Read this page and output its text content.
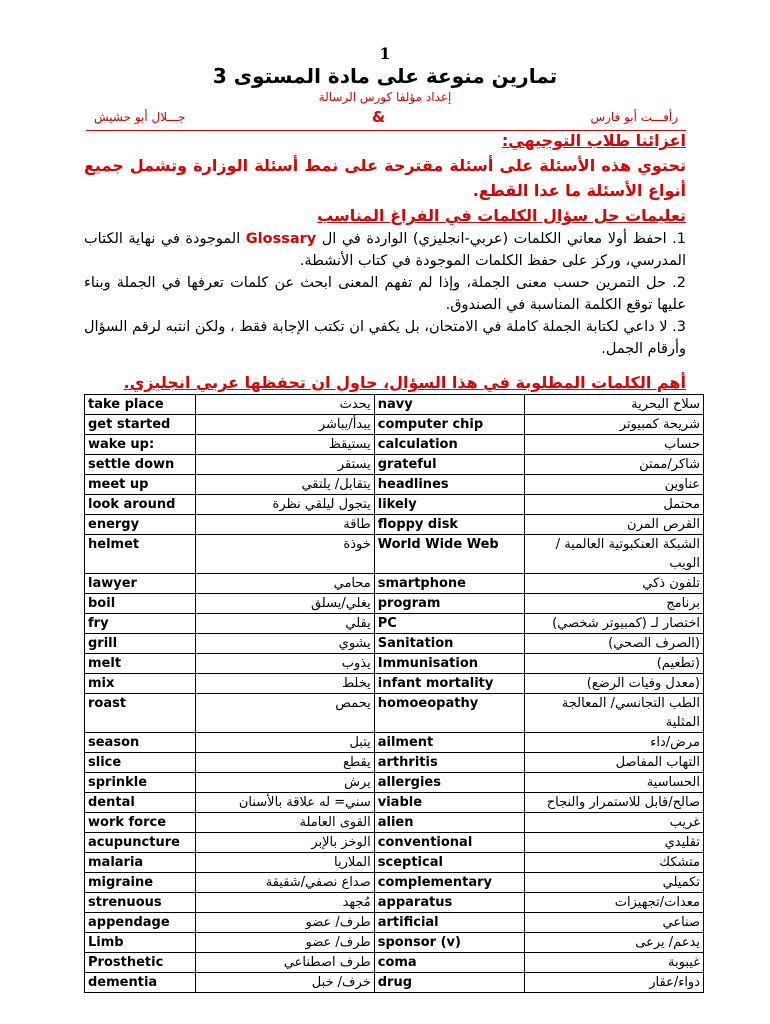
1
تمارين منوعة على مادة المستوى 3
إعداد مؤلفا كورس الرسالة
رأفـــت أبو فارس
&
جـــلال أبو حشيش
اعزائنا طلاب التوجيهي:
تحتوي هذه الأسئلة على أسئلة مقترحة على نمط أسئلة الوزارة وتشمل جميع أنواع الأسئلة ما عدا القطع.
تعليمات حل سؤال الكلمات في الفراغ المناسب

1. احفظ أولا معاني الكلمات (عربي-انجليزي) الواردة في ال Glossary الموجودة في نهاية الكتاب المدرسي، وركز على حفظ الكلمات الموجودة في كتاب الأنشطة.

2. حل التمرين حسب معنى الجملة، وإذا لم تفهم المعنى ابحث عن كلمات تعرفها في الجملة وبناء عليها توقع الكلمة المناسبة في الصندوق.

3. لا داعي لكتابة الجملة كاملة في الامتحان، بل يكفي ان تكتب الإجابة فقط ، ولكن انتبه لرقم السؤال وأرقام الجمل.

أهم الكلمات المطلوبة في هذا السؤال، حاول ان تحفظها عربي انجليزي.
take place	يحدث	navy	سلاح البحرية
get started	يبدأ/يباشر	computer chip	شريحة كمبيوتر
wake up:	يستيقظ	calculation	حساب
settle down	يستقر	grateful	شاكر/ممتن
meet up	يتقابل/ يلتقي	headlines	عناوين
look around	يتجول ليلقي نظرة	likely	محتمل
energy	طاقة	floppy disk	القرص المرن
helmet	خوذة	World Wide Web	الشبكة العنكبوتية العالمية /الويب
lawyer	محامي	smartphone	تلفون ذكي
boil	يغلي/يسلق	program	برنامج
fry	يقلي	PC	اختصار لـ (كمبيوتر شخصي)
grill	يشوي	Sanitation	(الصرف الصحي)
melt	يذوب	Immunisation	(تطعيم)
mix	يخلط	infant mortality	(معدل وفيات الرضع)
roast	يحمص	homoeopathy	الطب التجانسي/ المعالجة المثلية
season	يتبل	ailment	مرض/داء
slice	يقطع	arthritis	التهاب المفاصل
sprinkle	يرش	allergies	الحساسية
dental	سني= له علاقة بالأسنان	viable	صالح/قابل للاستمرار والنجاح
work force	القوى العاملة	alien	غريب
acupuncture	الوخز بالإبر	conventional	تقليدي
malaria	الملاريا	sceptical	متشكك
migraine	صداع نصفي/شقيقة	complementary	تكميلي
strenuous	مُجهد	apparatus	معدات/تجهيزات
appendage	طرف/ عضو	artificial	صناعي
Limb	طرف/ عضو	sponsor (v)	يدعم/ يرعى
Prosthetic	طرف اصطناعي	coma	غيبوبة
dementia	خرف/ خبل	drug	دواء/عقار
